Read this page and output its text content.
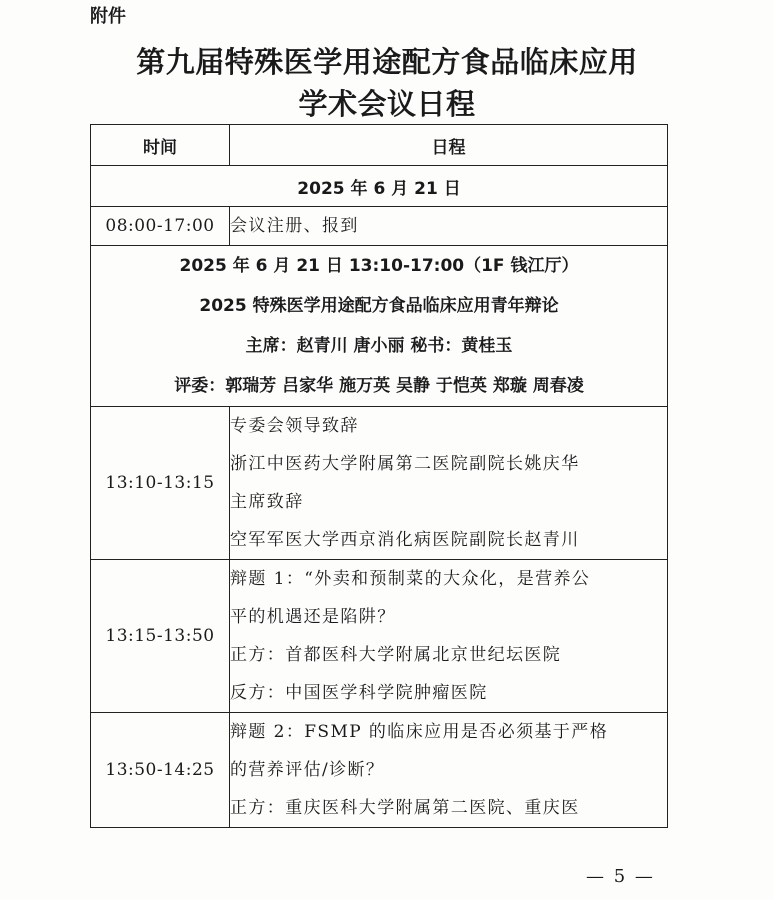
附件
第九届特殊医学用途配方食品临床应用
学术会议日程
时间	日程
2025 年 6 月 21 日	
08:00-17:00	会议注册、报到

2025 年 6 月 21 日 13:10-17:00（1F 钱江厅）
2025 特殊医学用途配方食品临床应用青年辩论
主席：赵青川 唐小丽 秘书：黄桂玉
评委：郭瑞芳 吕家华 施万英 吴静 于恺英 郑璇 周春凌	

13:10-13:15	专委会领导致辞
浙江中医药大学附属第二医院副院长姚庆华
主席致辞
空军军医大学西京消化病医院副院长赵青川

13:15-13:50	辩题 1：“外卖和预制菜的大众化，是营养公
平的机遇还是陷阱？
正方：首都医科大学附属北京世纪坛医院
反方：中国医学科学院肿瘤医院

13:50-14:25	辩题 2：FSMP 的临床应用是否必须基于严格
的营养评估/诊断？
正方：重庆医科大学附属第二医院、重庆医
— 5 —
